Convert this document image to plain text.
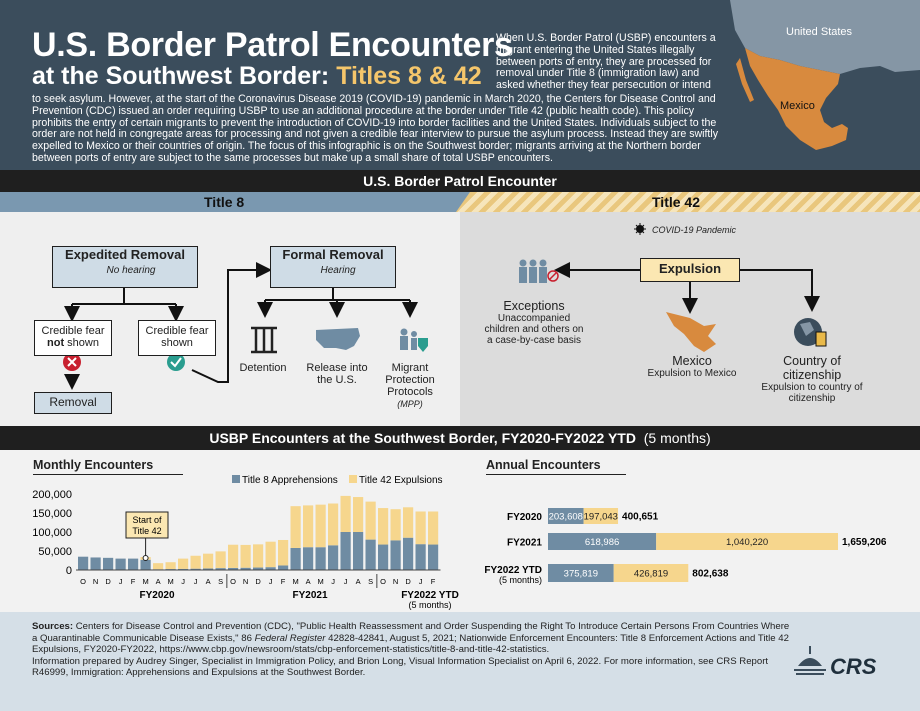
U.S. Border Patrol Encounters
at the Southwest Border: Titles 8 & 42
When U.S. Border Patrol (USBP) encounters a migrant entering the United States illegally between ports of entry, they are processed for removal under Title 8 (immigration law) and asked whether they fear persecution or intend
to seek asylum. However, at the start of the Coronavirus Disease 2019 (COVID-19) pandemic in March 2020, the Centers for Disease Control and Prevention (CDC) issued an order requiring USBP to use an additional procedure at the border under Title 42 (public health code). This policy prohibits the entry of certain migrants to prevent the introduction of COVID-19 into border facilities and the United States. Individuals subject to the order are not held in congregate areas for processing and not given a credible fear interview to pursue the asylum process. Instead they are swiftly expelled to Mexico or their countries of origin. The focus of this infographic is on the Southwest border; migrants arriving at the Northern border between ports of entry are subject to the same processes but make up a small share of total USBP encounters.
United States
Mexico
U.S. Border Patrol Encounter
Title 8	Title 42
Expedited Removal
No hearing
Formal Removal
Hearing
Credible fear
not shown
Credible fear
shown
Removal
Detention	Release into
the U.S.
Migrant
Protection
Protocols
(MPP)
COVID-19 Pandemic
Expulsion
Exceptions
Unaccompanied
children and others on
a case-by-case basis
Mexico
Expulsion to Mexico
Country of
citizenship
Expulsion to country of
citizenship
USBP Encounters at the Southwest Border, FY2020-FY2022 YTD (5 months)
Monthly Encounters	Annual Encounters
Title 8 Apprehensions Title 42 Expulsions
200,000
150,000
100,000
50,000
0
O N D J F M A M J J A S O N D J F M A M J J A S O N D J F
FY2020	FY2021	FY2022 YTD
(5 months)
Start of
Title 42
FY2020 203,608 197,043 400,651
FY2021	618,986	1,040,220	1,659,206
FY2022 YTD
(5 months)
375,819	426,819 802,638
Sources: Centers for Disease Control and Prevention (CDC), "Public Health Reassessment and Order Suspending the Right To Introduce Certain Persons From Countries Where a Quarantinable Communicable Disease Exists," 86 Federal Register 42828-42841, August 5, 2021; Nationwide Enforcement Encounters: Title 8 Enforcement Actions and Title 42 Expulsions, FY2020-FY2022, https://www.cbp.gov/newsroom/stats/cbp-enforcement-statistics/title-8-and-title-42-statistics.
Information prepared by Audrey Singer, Specialist in Immigration Policy, and Brion Long, Visual Information Specialist on April 6, 2022. For more information, see CRS Report R46999, Immigration: Apprehensions and Expulsions at the Southwest Border.	CRS
